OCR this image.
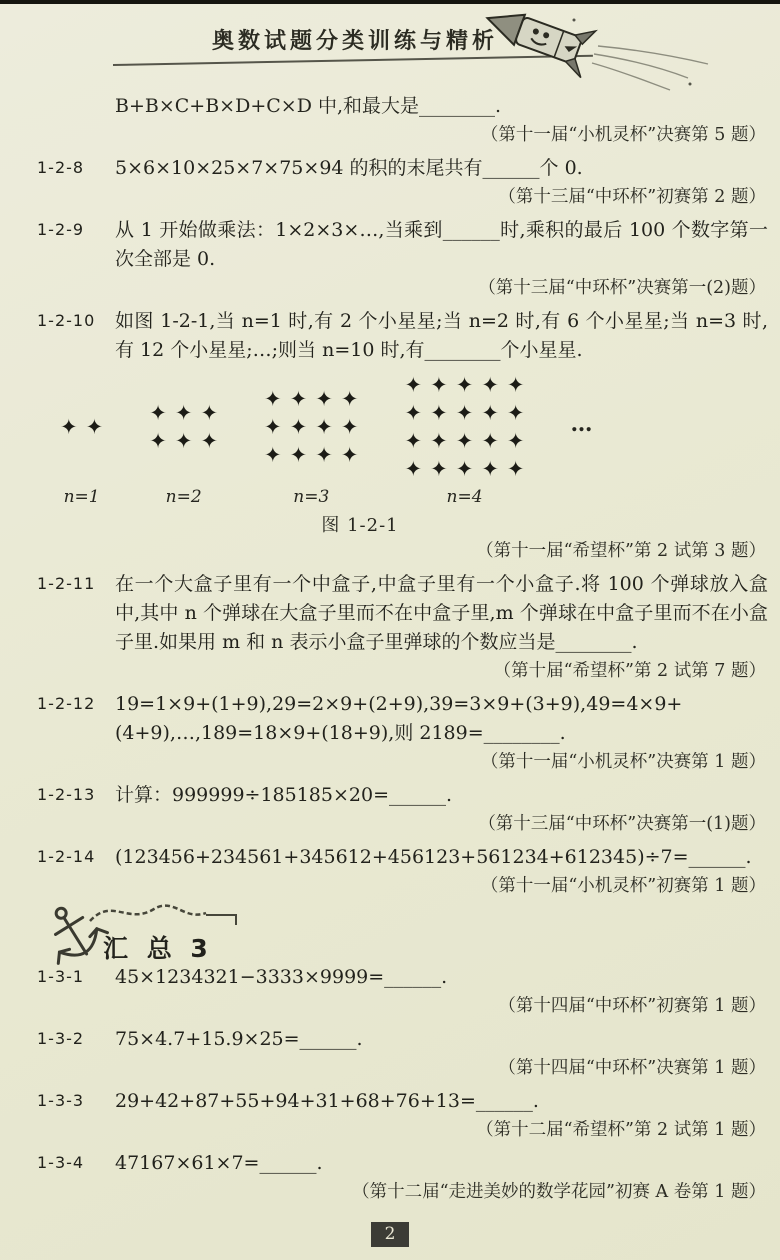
奥数试题分类训练与精析
B+B×C+B×D+C×D 中,和最大是________.
（第十一届“小机灵杯”决赛第 5 题）
1-2-8	5×6×10×25×7×75×94 的积的末尾共有______个 0.
（第十三届“中环杯”初赛第 2 题）
1-2-9	从 1 开始做乘法：1×2×3×…,当乘到______时,乘积的最后 100 个数字第一次全部是 0.
（第十三届“中环杯”决赛第一(2)题）
1-2-10	如图 1-2-1,当 n=1 时,有 2 个小星星;当 n=2 时,有 6 个小星星;当 n=3 时,有 12 个小星星;…;则当 n=10 时,有________个小星星.
✦ ✦
n=1
✦ ✦ ✦
✦ ✦ ✦
n=2
✦ ✦ ✦ ✦
✦ ✦ ✦ ✦
✦ ✦ ✦ ✦
n=3
✦ ✦ ✦ ✦ ✦
✦ ✦ ✦ ✦ ✦
✦ ✦ ✦ ✦ ✦
✦ ✦ ✦ ✦ ✦
n=4
…
图 1-2-1
（第十一届“希望杯”第 2 试第 3 题）
1-2-11	在一个大盒子里有一个中盒子,中盒子里有一个小盒子.将 100 个弹球放入盒中,其中 n 个弹球在大盒子里而不在中盒子里,m 个弹球在中盒子里而不在小盒子里.如果用 m 和 n 表示小盒子里弹球的个数应当是________.
（第十届“希望杯”第 2 试第 7 题）
1-2-12	19=1×9+(1+9),29=2×9+(2+9),39=3×9+(3+9),49=4×9+(4+9),…,189=18×9+(18+9),则 2189=________.
（第十一届“小机灵杯”决赛第 1 题）
1-2-13	计算：999999÷185185×20=______.
（第十三届“中环杯”决赛第一(1)题）
1-2-14	(123456+234561+345612+456123+561234+612345)÷7=______.
（第十一届“小机灵杯”初赛第 1 题）
汇 总 3
1-3-1	45×1234321−3333×9999=______.
（第十四届“中环杯”初赛第 1 题）
1-3-2	75×4.7+15.9×25=______.
（第十四届“中环杯”决赛第 1 题）
1-3-3	29+42+87+55+94+31+68+76+13=______.
（第十二届“希望杯”第 2 试第 1 题）
1-3-4	47167×61×7=______.
（第十二届“走进美妙的数学花园”初赛 A 卷第 1 题）
2
